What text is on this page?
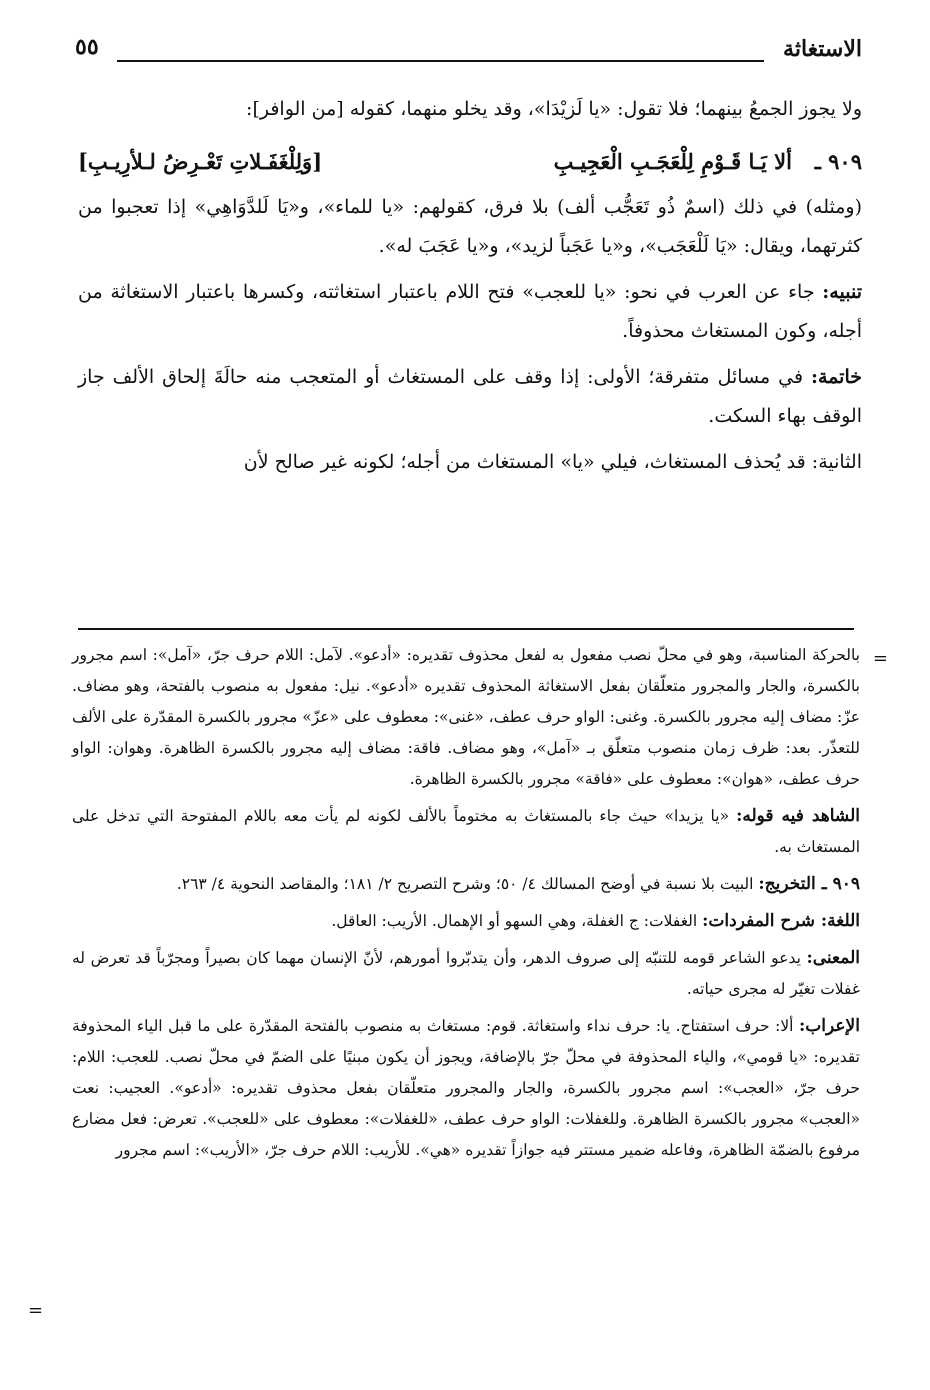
الاستغاثة
٥٥

ولا يجوز الجمعُ بينهما؛ فلا تقول: «يا لَزيْدَا»، وقد يخلو منهما، كقوله [من الوافر]:

٩٠٩ ـ
ألا يَـا قَـوْمِ لِلْعَجَـبِ الْعَجِيـبِ
[وَلِلْغَفَـلاتِ تَعْـرِضُ لـلأرِيـبِ]

(ومثله) في ذلك (اسمٌ ذُو تَعَجُّب ألف) بلا فرق، كقولهم: «يا للماء»، و«يَا لَلدَّوَاهِي» إذا تعجبوا من كثرتهما، ويقال: «يَا لَلْعَجَب»، و«يا عَجَباً لزيد»، و«يا عَجَبَ له».

تنبيه: جاء عن العرب في نحو: «يا للعجب» فتح اللام باعتبار استغاثته، وكسرها باعتبار الاستغاثة من أجله، وكون المستغاث محذوفاً.

خاتمة: في مسائل متفرقة؛ الأولى: إذا وقف على المستغاث أو المتعجب منه حالَةَ إلحاق الألف جاز الوقف بهاء السكت.

الثانية: قد يُحذف المستغاث، فيلي «يا» المستغاث من أجله؛ لكونه غير صالح لأن

=

بالحركة المناسبة، وهو في محلّ نصب مفعول به لفعل محذوف تقديره: «أدعو». لآمل: اللام حرف جرّ، «آمل»: اسم مجرور بالكسرة، والجار والمجرور متعلّقان بفعل الاستغاثة المحذوف تقديره «أدعو». نيل: مفعول به منصوب بالفتحة، وهو مضاف. عزّ: مضاف إليه مجرور بالكسرة. وغنى: الواو حرف عطف، «غنى»: معطوف على «عزّ» مجرور بالكسرة المقدّرة على الألف للتعذّر. بعد: ظرف زمان منصوب متعلّق بـ «آمل»، وهو مضاف. فاقة: مضاف إليه مجرور بالكسرة الظاهرة. وهوان: الواو حرف عطف، «هوان»: معطوف على «فاقة» مجرور بالكسرة الظاهرة.

الشاهد فيه قوله: «يا يزيدا» حيث جاء بالمستغاث به مختوماً بالألف لكونه لم يأت معه باللام المفتوحة التي تدخل على المستغاث به.

٩٠٩ ـ التخريج: البيت بلا نسبة في أوضح المسالك ٤/ ٥٠؛ وشرح التصريح ٢/ ١٨١؛ والمقاصد النحوية ٤/ ٢٦٣.

اللغة: شرح المفردات: الغفلات: ج الغفلة، وهي السهو أو الإهمال. الأريب: العاقل.

المعنى: يدعو الشاعر قومه للتنبّه إلى صروف الدهر، وأن يتدبّروا أمورهم، لأنّ الإنسان مهما كان بصيراً ومجرّباً قد تعرض له غفلات تغيّر له مجرى حياته.

الإعراب: ألا: حرف استفتاح. يا: حرف نداء واستغاثة. قوم: مستغاث به منصوب بالفتحة المقدّرة على ما قبل الياء المحذوفة تقديره: «يا قومي»، والياء المحذوفة في محلّ جرّ بالإضافة، ويجوز أن يكون مبنيًا على الضمّ في محلّ نصب. للعجب: اللام: حرف جرّ، «العجب»: اسم مجرور بالكسرة، والجار والمجرور متعلّقان بفعل محذوف تقديره: «أدعو». العجيب: نعت «العجب» مجرور بالكسرة الظاهرة. وللغفلات: الواو حرف عطف، «للغفلات»: معطوف على «للعجب». تعرض: فعل مضارع مرفوع بالضمّة الظاهرة، وفاعله ضمير مستتر فيه جوازاً تقديره «هي». للأريب: اللام حرف جرّ، «الأريب»: اسم مجرور

=
